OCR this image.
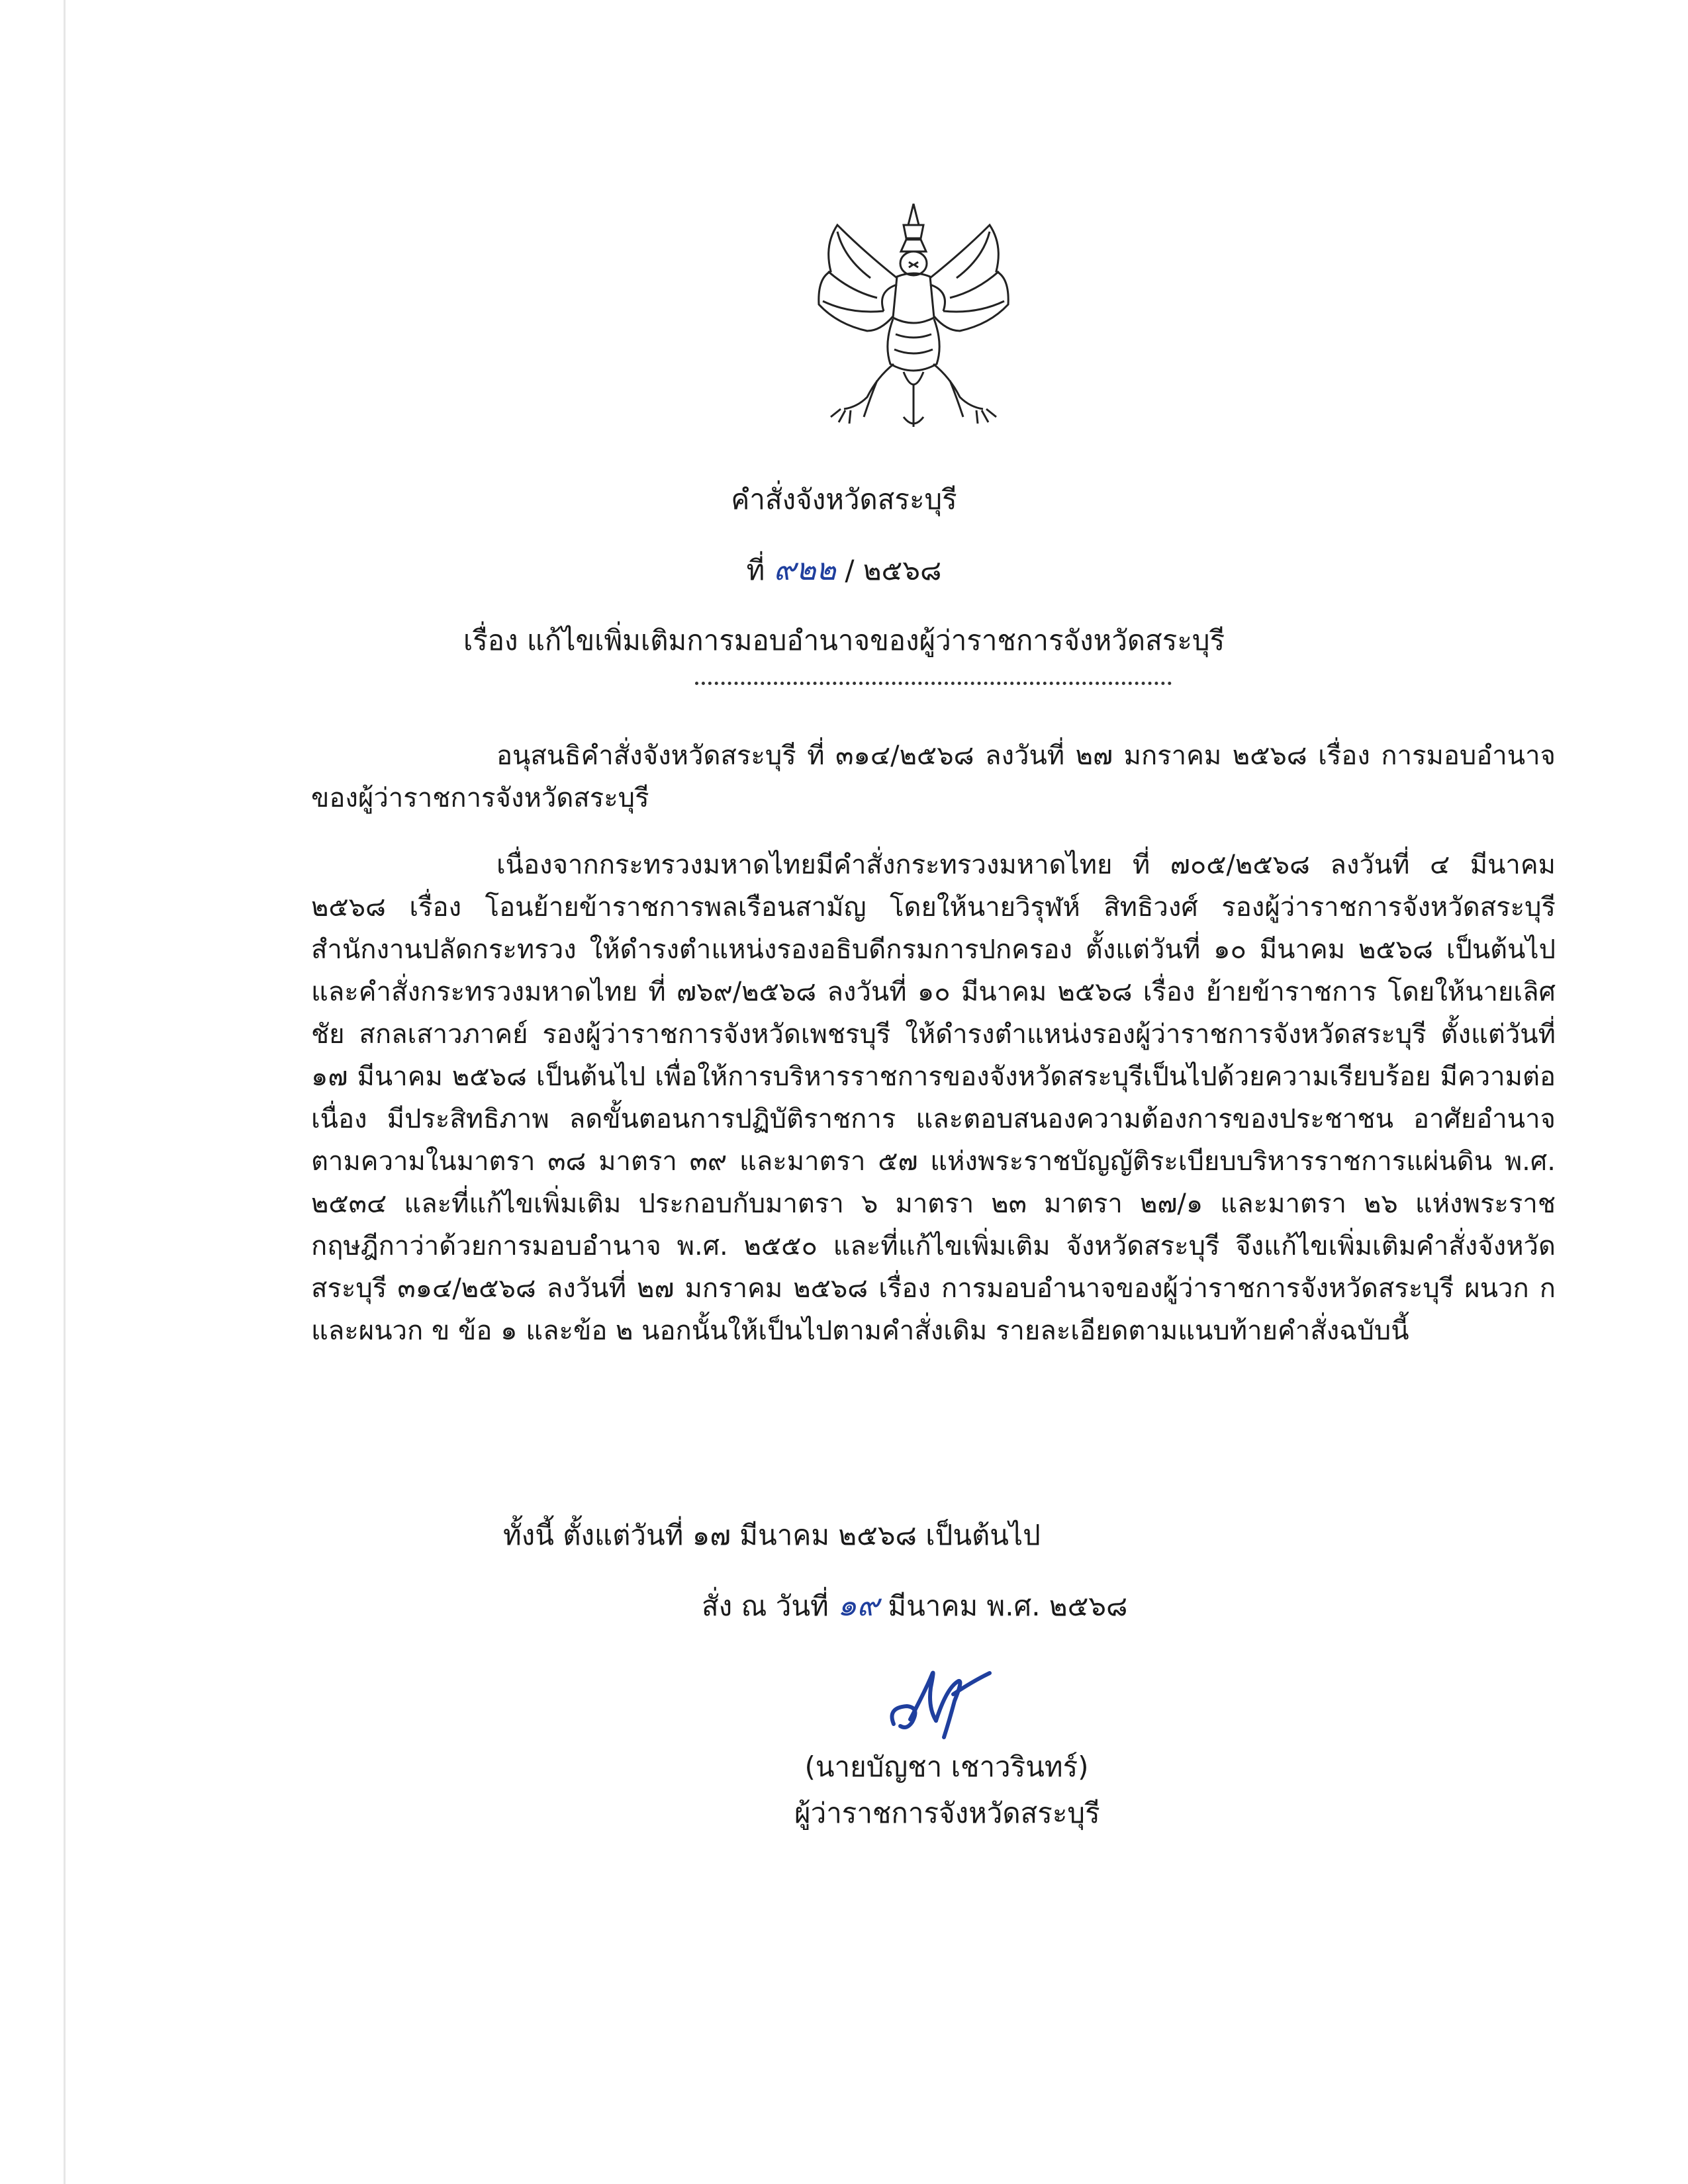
คำสั่งจังหวัดสระบุรี
ที่ ๙๒๒ / ๒๕๖๘
เรื่อง แก้ไขเพิ่มเติมการมอบอำนาจของผู้ว่าราชการจังหวัดสระบุรี

อนุสนธิคำสั่งจังหวัดสระบุรี ที่ ๓๑๔/๒๕๖๘ ลงวันที่ ๒๗ มกราคม ๒๕๖๘ เรื่อง การมอบอำนาจของผู้ว่าราชการจังหวัดสระบุรี

เนื่องจากกระทรวงมหาดไทยมีคำสั่งกระทรวงมหาดไทย ที่ ๗๐๕/๒๕๖๘ ลงวันที่ ๔ มีนาคม ๒๕๖๘ เรื่อง โอนย้ายข้าราชการพลเรือนสามัญ โดยให้นายวิรุฬห์ สิทธิวงศ์ รองผู้ว่าราชการจังหวัดสระบุรี สำนักงานปลัดกระทรวง ให้ดำรงตำแหน่งรองอธิบดีกรมการปกครอง ตั้งแต่วันที่ ๑๐ มีนาคม ๒๕๖๘ เป็นต้นไป และคำสั่งกระทรวงมหาดไทย ที่ ๗๖๙/๒๕๖๘ ลงวันที่ ๑๐ มีนาคม ๒๕๖๘ เรื่อง ย้ายข้าราชการ โดยให้นายเลิศชัย สกลเสาวภาคย์ รองผู้ว่าราชการจังหวัดเพชรบุรี ให้ดำรงตำแหน่งรองผู้ว่าราชการจังหวัดสระบุรี ตั้งแต่วันที่ ๑๗ มีนาคม ๒๕๖๘ เป็นต้นไป เพื่อให้การบริหารราชการของจังหวัดสระบุรีเป็นไปด้วยความเรียบร้อย มีความต่อเนื่อง มีประสิทธิภาพ ลดขั้นตอนการปฏิบัติราชการ และตอบสนองความต้องการของประชาชน อาศัยอำนาจตามความในมาตรา ๓๘ มาตรา ๓๙ และมาตรา ๕๗ แห่งพระราชบัญญัติระเบียบบริหารราชการแผ่นดิน พ.ศ. ๒๕๓๔ และที่แก้ไขเพิ่มเติม ประกอบกับมาตรา ๖ มาตรา ๒๓ มาตรา ๒๗/๑ และมาตรา ๒๖ แห่งพระราชกฤษฎีกาว่าด้วยการมอบอำนาจ พ.ศ. ๒๕๕๐ และที่แก้ไขเพิ่มเติม จังหวัดสระบุรี จึงแก้ไขเพิ่มเติมคำสั่งจังหวัดสระบุรี ๓๑๔/๒๕๖๘ ลงวันที่ ๒๗ มกราคม ๒๕๖๘ เรื่อง การมอบอำนาจของผู้ว่าราชการจังหวัดสระบุรี ผนวก ก และผนวก ข ข้อ ๑ และข้อ ๒ นอกนั้นให้เป็นไปตามคำสั่งเดิม รายละเอียดตามแนบท้ายคำสั่งฉบับนี้

ทั้งนี้ ตั้งแต่วันที่ ๑๗ มีนาคม ๒๕๖๘ เป็นต้นไป
สั่ง ณ วันที่ ๑๙ มีนาคม พ.ศ. ๒๕๖๘
(นายบัญชา เชาวรินทร์)
ผู้ว่าราชการจังหวัดสระบุรี
